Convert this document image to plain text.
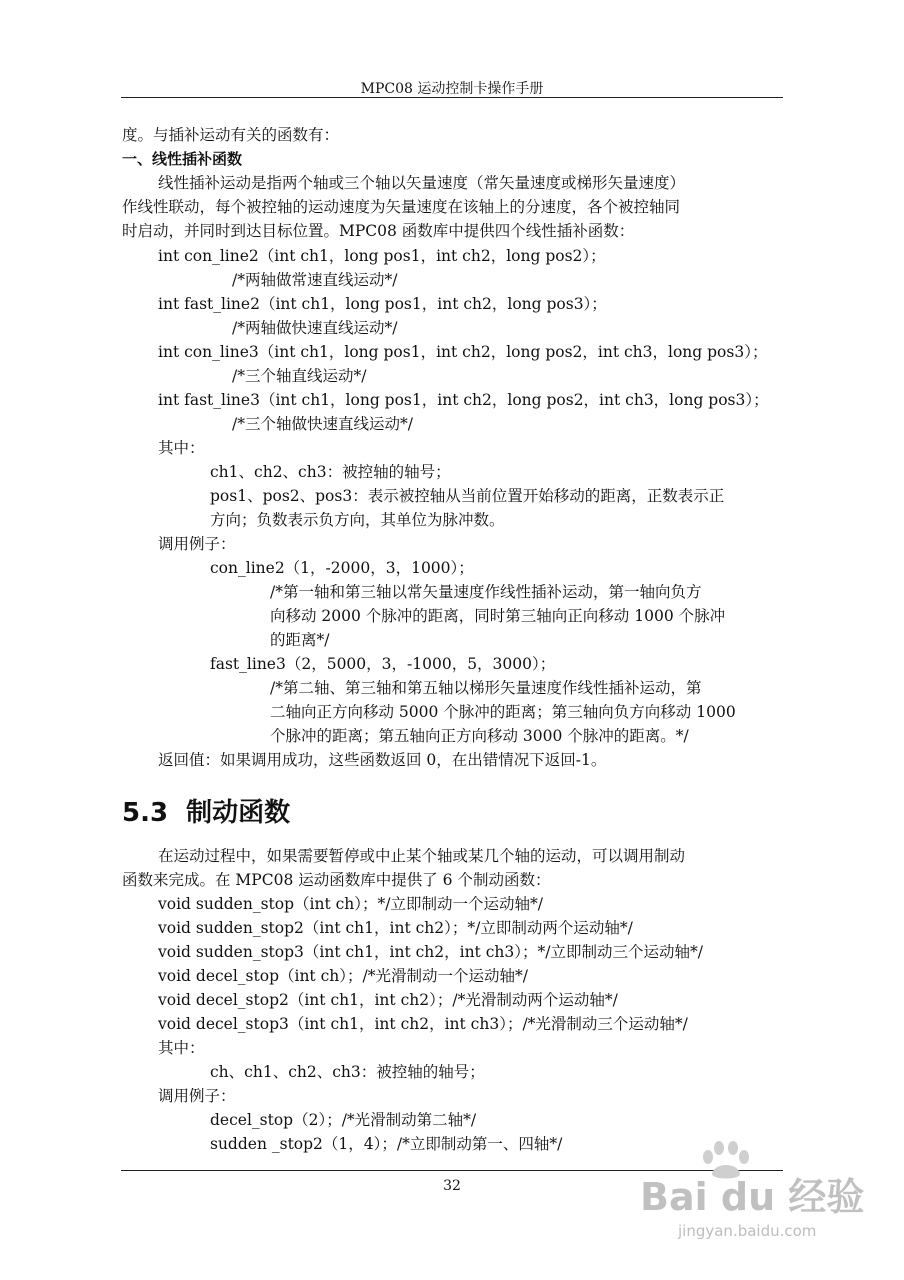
MPC08 运动控制卡操作手册
度。与插补运动有关的函数有：
一、线性插补函数
线性插补运动是指两个轴或三个轴以矢量速度（常矢量速度或梯形矢量速度）
作线性联动，每个被控轴的运动速度为矢量速度在该轴上的分速度，各个被控轴同
时启动，并同时到达目标位置。MPC08 函数库中提供四个线性插补函数：
int con_line2（int ch1，long pos1，int ch2，long pos2）；
/*两轴做常速直线运动*/
int fast_line2（int ch1，long pos1，int ch2，long pos3）；
/*两轴做快速直线运动*/
int con_line3（int ch1，long pos1，int ch2，long pos2，int ch3，long pos3）；
/*三个轴直线运动*/
int fast_line3（int ch1，long pos1，int ch2，long pos2，int ch3，long pos3）；
/*三个轴做快速直线运动*/
其中：
ch1、ch2、ch3：被控轴的轴号；
pos1、pos2、pos3：表示被控轴从当前位置开始移动的距离，正数表示正
方向；负数表示负方向，其单位为脉冲数。
调用例子：
con_line2（1，-2000，3，1000）；
/*第一轴和第三轴以常矢量速度作线性插补运动，第一轴向负方
向移动 2000 个脉冲的距离，同时第三轴向正向移动 1000 个脉冲
的距离*/
fast_line3（2，5000，3，-1000，5，3000）；
/*第二轴、第三轴和第五轴以梯形矢量速度作线性插补运动，第
二轴向正方向移动 5000 个脉冲的距离；第三轴向负方向移动 1000
个脉冲的距离；第五轴向正方向移动 3000 个脉冲的距离。*/
返回值：如果调用成功，这些函数返回 0，在出错情况下返回-1。
5.3 制动函数
在运动过程中，如果需要暂停或中止某个轴或某几个轴的运动，可以调用制动
函数来完成。在 MPC08 运动函数库中提供了 6 个制动函数：
void sudden_stop（int ch）；*/立即制动一个运动轴*/
void sudden_stop2（int ch1，int ch2）；*/立即制动两个运动轴*/
void sudden_stop3（int ch1，int ch2，int ch3）；*/立即制动三个运动轴*/
void decel_stop（int ch）；/*光滑制动一个运动轴*/
void decel_stop2（int ch1，int ch2）；/*光滑制动两个运动轴*/
void decel_stop3（int ch1，int ch2，int ch3）；/*光滑制动三个运动轴*/
其中：
ch、ch1、ch2、ch3：被控轴的轴号；
调用例子：
decel_stop（2）；/*光滑制动第二轴*/
sudden _stop2（1，4）；/*立即制动第一、四轴*/
32	Bai du 经验
jingyan.baidu.com
